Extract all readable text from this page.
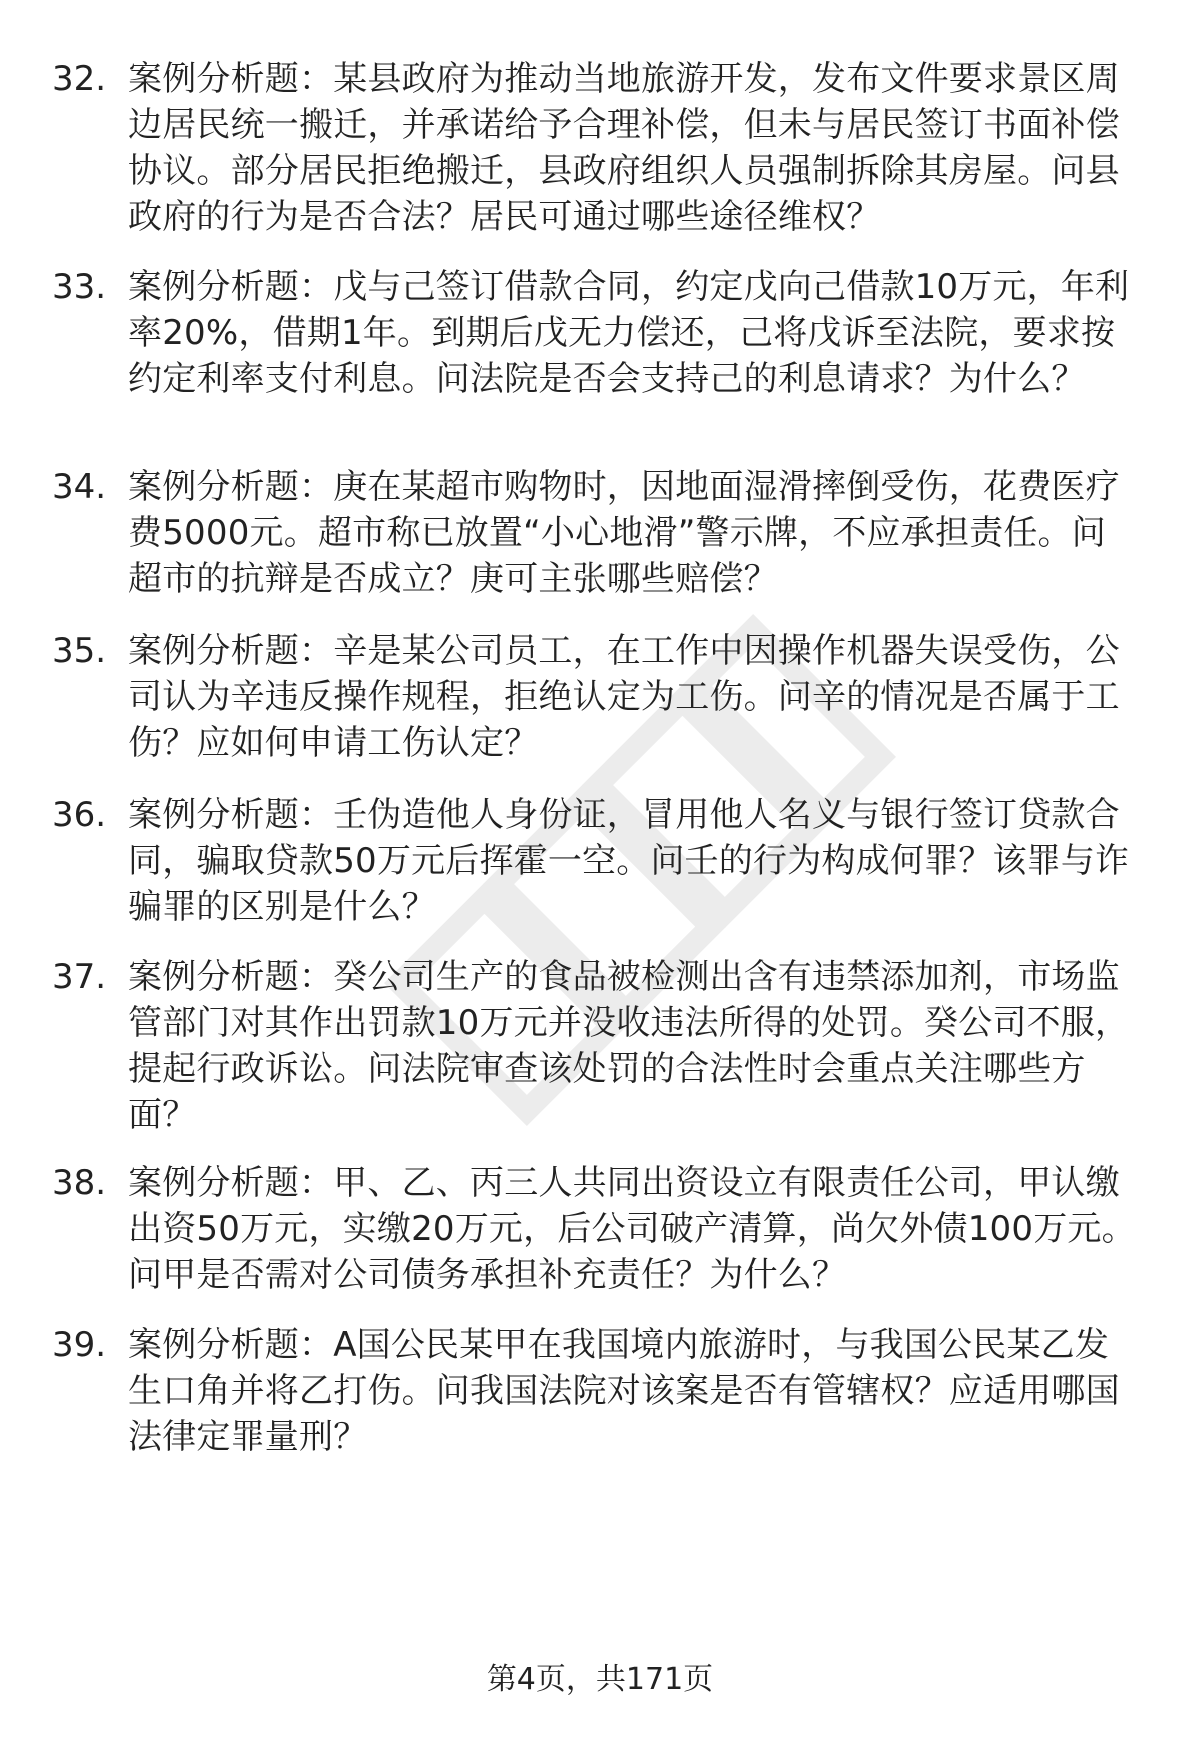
32. 案例分析题：某县政府为推动当地旅游开发，发布文件要求景区周边居民统一搬迁，并承诺给予合理补偿，但未与居民签订书面补偿协议。部分居民拒绝搬迁，县政府组织人员强制拆除其房屋。问县政府的行为是否合法？居民可通过哪些途径维权？
33. 案例分析题：戊与己签订借款合同，约定戊向己借款10万元，年利率20%，借期1年。到期后戊无力偿还，己将戊诉至法院，要求按约定利率支付利息。问法院是否会支持己的利息请求？为什么？
34. 案例分析题：庚在某超市购物时，因地面湿滑摔倒受伤，花费医疗费5000元。超市称已放置“小心地滑”警示牌，不应承担责任。问超市的抗辩是否成立？庚可主张哪些赔偿？
35. 案例分析题：辛是某公司员工，在工作中因操作机器失误受伤，公司认为辛违反操作规程，拒绝认定为工伤。问辛的情况是否属于工伤？应如何申请工伤认定？
36. 案例分析题：壬伪造他人身份证，冒用他人名义与银行签订贷款合同，骗取贷款50万元后挥霍一空。问壬的行为构成何罪？该罪与诈骗罪的区别是什么？
37. 案例分析题：癸公司生产的食品被检测出含有违禁添加剂，市场监管部门对其作出罚款10万元并没收违法所得的处罚。癸公司不服，提起行政诉讼。问法院审查该处罚的合法性时会重点关注哪些方面？
38. 案例分析题：甲、乙、丙三人共同出资设立有限责任公司，甲认缴出资50万元，实缴20万元，后公司破产清算，尚欠外债100万元。问甲是否需对公司债务承担补充责任？为什么？
39. 案例分析题：A国公民某甲在我国境内旅游时，与我国公民某乙发生口角并将乙打伤。问我国法院对该案是否有管辖权？应适用哪国法律定罪量刑？
第4页，共171页
